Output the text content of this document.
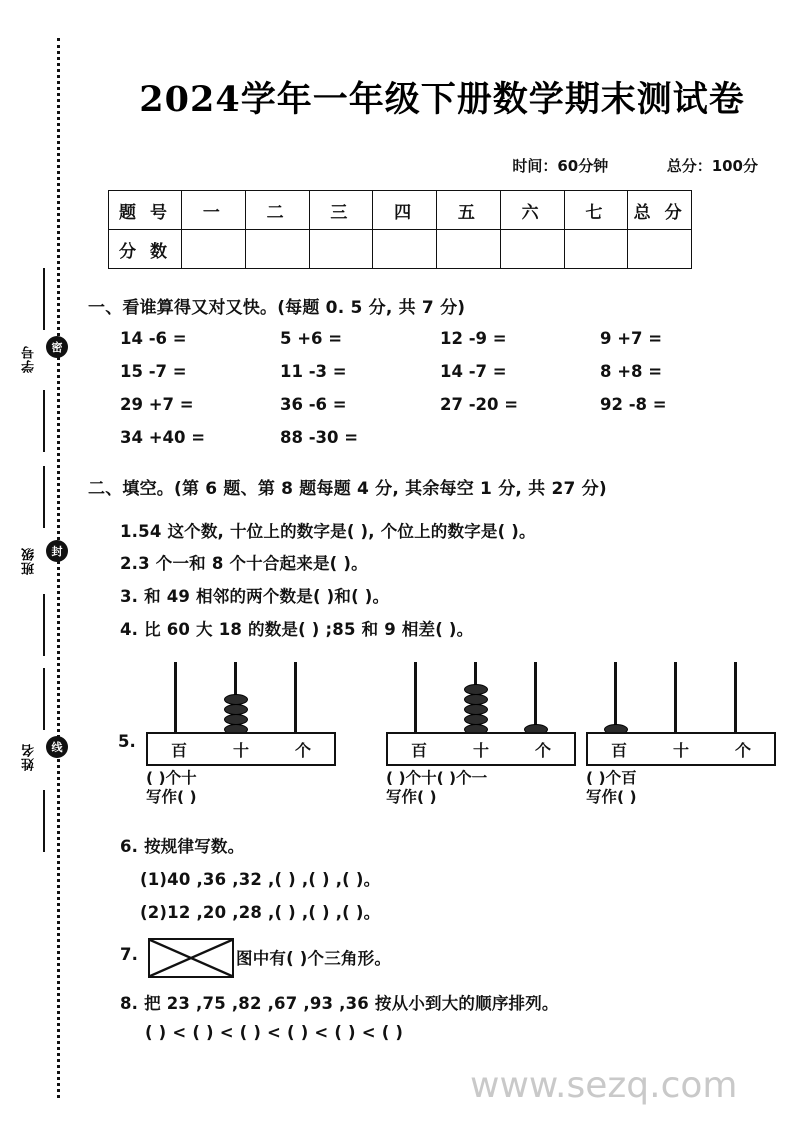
学号	密
班级	封
姓名	线
2024学年一年级下册数学期末测试卷
时间：60分钟	总分：100分
题 号	一	二	三	四	五	六	七	总 分
分 数								
一、看谁算得又对又快。(每题 0. 5 分, 共 7 分)
14 -6 =	5 +6 =	12 -9 =	9 +7 =
15 -7 =	11 -3 =	14 -7 =	8 +8 =
29 +7 =	36 -6 =	27 -20 =	92 -8 =
34 +40 =	88 -30 =
二、填空。(第 6 题、第 8 题每题 4 分, 其余每空 1 分, 共 27 分)
1.54 这个数, 十位上的数字是( ), 个位上的数字是( )。
2.3 个一和 8 个十合起来是( )。
3. 和 49 相邻的两个数是( )和( )。
4. 比 60 大 18 的数是( ) ;85 和 9 相差( )。
5.	百	十	个
( )个十
写作( )
百	十	个
( )个十( )个一
写作( )
百	十	个
( )个百
写作( )
6. 按规律写数。
(1)40 ,36 ,32 ,( ) ,( ) ,( )。
(2)12 ,20 ,28 ,( ) ,( ) ,( )。
7.	图中有( )个三角形。
8. 把 23 ,75 ,82 ,67 ,93 ,36 按从小到大的顺序排列。
( ) < ( ) < ( ) < ( ) < ( ) < ( )
www.sezq.com
